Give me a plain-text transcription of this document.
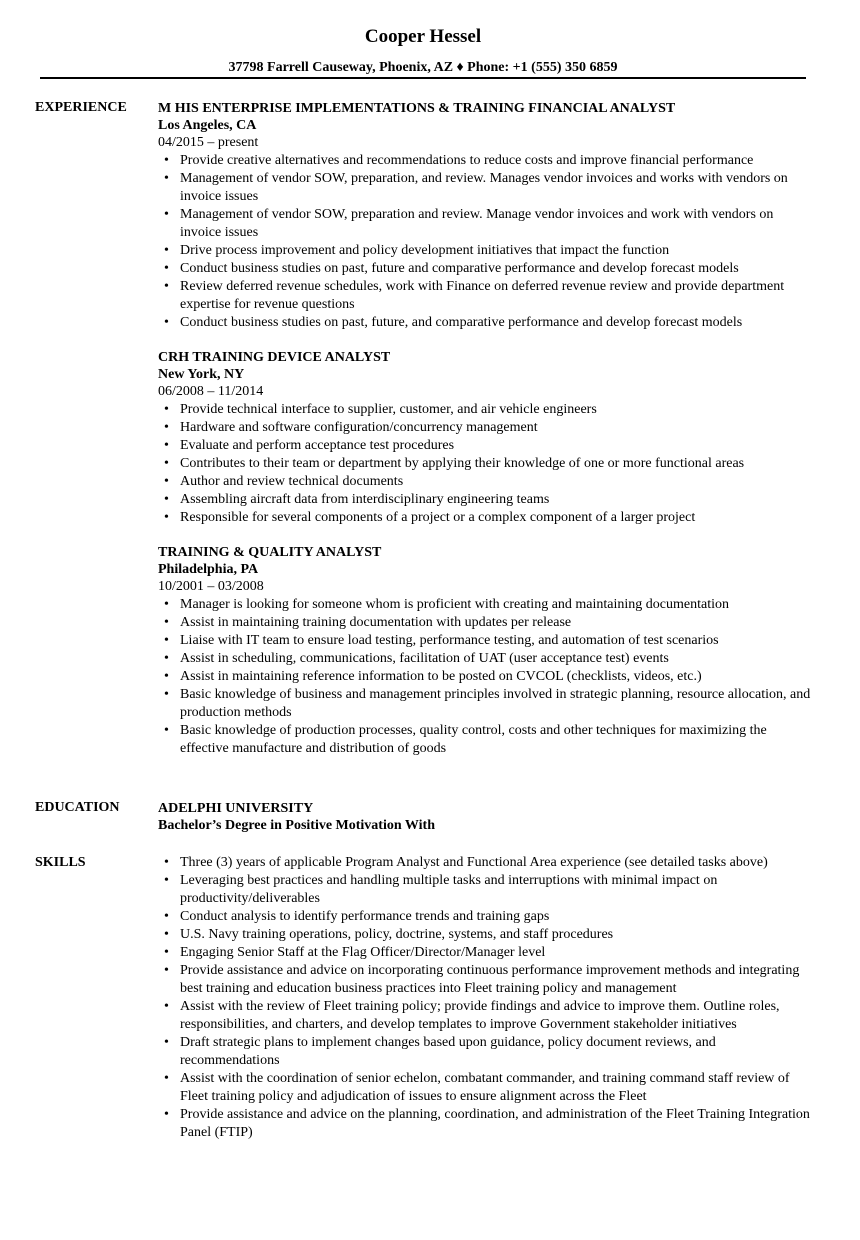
Cooper Hessel
37798 Farrell Causeway, Phoenix, AZ ♦ Phone: +1 (555) 350 6859
EXPERIENCE M HIS ENTERPRISE IMPLEMENTATIONS & TRAINING FINANCIAL ANALYST
Los Angeles, CA
04/2015 – present
• Provide creative alternatives and recommendations to reduce costs and improve financial performance
• Management of vendor SOW, preparation, and review. Manages vendor invoices and works with vendors on invoice issues
• Management of vendor SOW, preparation and review. Manage vendor invoices and work with vendors on invoice issues
• Drive process improvement and policy development initiatives that impact the function
• Conduct business studies on past, future and comparative performance and develop forecast models
• Review deferred revenue schedules, work with Finance on deferred revenue review and provide department expertise for revenue questions
• Conduct business studies on past, future, and comparative performance and develop forecast models
CRH TRAINING DEVICE ANALYST
New York, NY
06/2008 – 11/2014
• Provide technical interface to supplier, customer, and air vehicle engineers
• Hardware and software configuration/concurrency management
• Evaluate and perform acceptance test procedures
• Contributes to their team or department by applying their knowledge of one or more functional areas
• Author and review technical documents
• Assembling aircraft data from interdisciplinary engineering teams
• Responsible for several components of a project or a complex component of a larger project
TRAINING & QUALITY ANALYST
Philadelphia, PA
10/2001 – 03/2008
• Manager is looking for someone whom is proficient with creating and maintaining documentation
• Assist in maintaining training documentation with updates per release
• Liaise with IT team to ensure load testing, performance testing, and automation of test scenarios
• Assist in scheduling, communications, facilitation of UAT (user acceptance test) events
• Assist in maintaining reference information to be posted on CVCOL (checklists, videos, etc.)
• Basic knowledge of business and management principles involved in strategic planning, resource allocation, and production methods
• Basic knowledge of production processes, quality control, costs and other techniques for maximizing the effective manufacture and distribution of goods
EDUCATION	ADELPHI UNIVERSITY
Bachelor’s Degree in Positive Motivation With
SKILLS
•	Three (3) years of applicable Program Analyst and Functional Area experience (see detailed tasks above)
• Leveraging best practices and handling multiple tasks and interruptions with minimal impact on productivity/deliverables
• Conduct analysis to identify performance trends and training gaps
• U.S. Navy training operations, policy, doctrine, systems, and staff procedures
• Engaging Senior Staff at the Flag Officer/Director/Manager level
• Provide assistance and advice on incorporating continuous performance improvement methods and integrating best training and education business practices into Fleet training policy and management
• Assist with the review of Fleet training policy; provide findings and advice to improve them. Outline roles, responsibilities, and charters, and develop templates to improve Government stakeholder initiatives
• Draft strategic plans to implement changes based upon guidance, policy document reviews, and recommendations
• Assist with the coordination of senior echelon, combatant commander, and training command staff review of Fleet training policy and adjudication of issues to ensure alignment across the Fleet
• Provide assistance and advice on the planning, coordination, and administration of the Fleet Training Integration Panel (FTIP)
